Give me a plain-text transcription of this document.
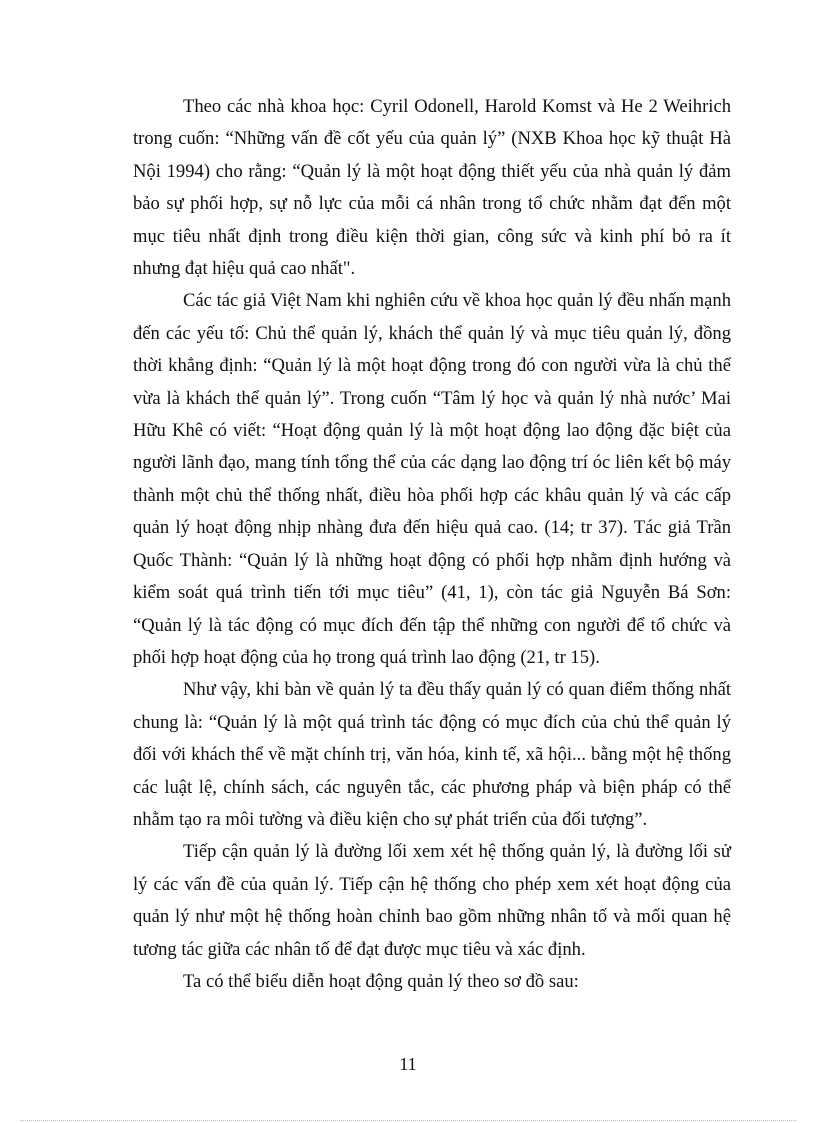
Theo các nhà khoa học: Cyril Odonell, Harold Komst và He 2 Weihrich trong cuốn: “Những vấn đề cốt yếu của quản lý” (NXB Khoa học kỹ thuật Hà Nội 1994) cho rằng: “Quản lý là một hoạt động thiết yếu của nhà quản lý đảm bảo sự phối hợp, sự nỗ lực của mỗi cá nhân trong tổ chức nhằm đạt đến một mục tiêu nhất định trong điều kiện thời gian, công sức và kinh phí bỏ ra ít nhưng đạt hiệu quả cao nhất".

Các tác giả Việt Nam khi nghiên cứu về khoa học quản lý đều nhấn mạnh đến các yếu tố: Chủ thể quản lý, khách thể quản lý và mục tiêu quản lý, đồng thời khẳng định: “Quản lý là một hoạt động trong đó con người vừa là chủ thể vừa là khách thể quản lý”. Trong cuốn “Tâm lý học và quản lý nhà nước’ Mai Hữu Khê có viết: “Hoạt động quản lý là một hoạt động lao động đặc biệt của người lãnh đạo, mang tính tổng thể của các dạng lao động trí óc liên kết bộ máy thành một chủ thể thống nhất, điều hòa phối hợp các khâu quản lý và các cấp quản lý hoạt động nhịp nhàng đưa đến hiệu quả cao. (14; tr 37). Tác giả Trần Quốc Thành: “Quản lý là những hoạt động có phối hợp nhằm định hướng và kiểm soát quá trình tiến tới mục tiêu” (41, 1), còn tác giả Nguyễn Bá Sơn: “Quản lý là tác động có mục đích đến tập thể những con người để tổ chức và phối hợp hoạt động của họ trong quá trình lao động (21, tr 15).

Như vậy, khi bàn về quản lý ta đều thấy quản lý có quan điểm thống nhất chung là: “Quản lý là một quá trình tác động có mục đích của chủ thể quản lý đối với khách thể về mặt chính trị, văn hóa, kinh tế, xã hội... bằng một hệ thống các luật lệ, chính sách, các nguyên tắc, các phương pháp và biện pháp có thể nhằm tạo ra môi tường và điều kiện cho sự phát triển của đối tượng”.

Tiếp cận quản lý là đường lối xem xét hệ thống quản lý, là đường lối sử lý các vấn đề của quản lý. Tiếp cận hệ thống cho phép xem xét hoạt động của quản lý như một hệ thống hoàn chỉnh bao gồm những nhân tố và mối quan hệ tương tác giữa các nhân tố để đạt được mục tiêu và xác định.

Ta có thể biểu diễn hoạt động quản lý theo sơ đồ sau:

11
